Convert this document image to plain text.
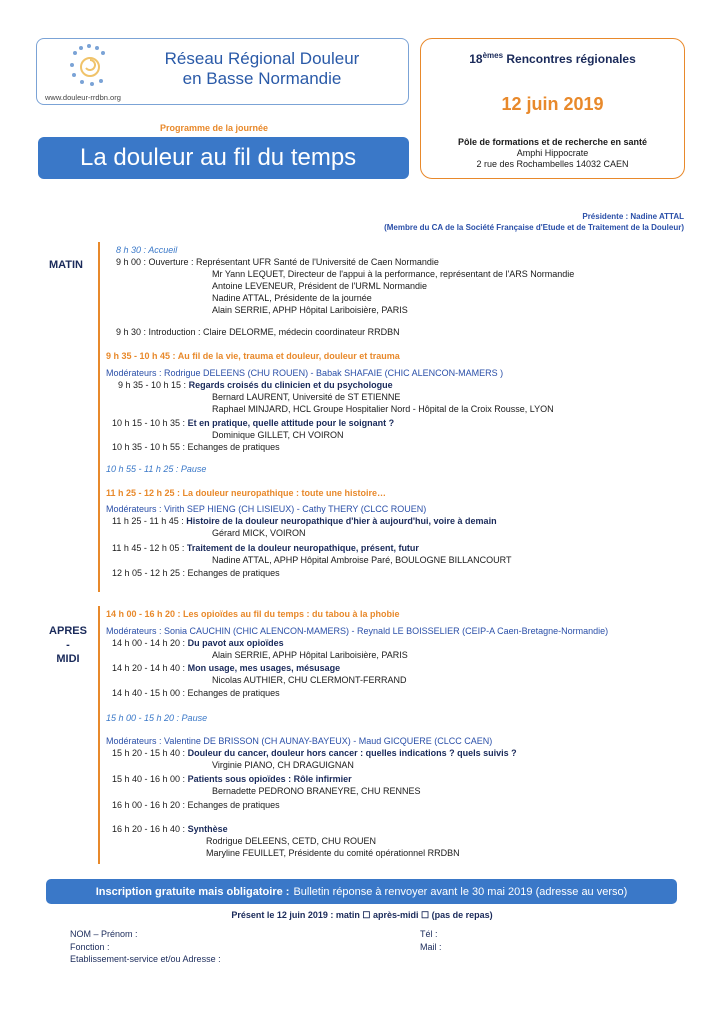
Réseau Régional Douleur
en Basse Normandie
www.douleur-rrdbn.org
18èmes Rencontres régionales
12 juin 2019
Pôle de formations et de recherche en santé
Amphi Hippocrate
2 rue des Rochambelles 14032 CAEN
Programme de la journée
La douleur au fil du temps
Présidente : Nadine ATTAL
(Membre du CA de la Société Française d'Etude et de Traitement de la Douleur)
MATIN
APRES
-
MIDI
8 h 30 : Accueil
9 h 00 : Ouverture : Représentant UFR Santé de l'Université de Caen Normandie
Mr Yann LEQUET, Directeur de l'appui à la performance, représentant de l'ARS Normandie
Antoine LEVENEUR, Président de l'URML Normandie
Nadine ATTAL, Présidente de la journée
Alain SERRIE, APHP Hôpital Lariboisière, PARIS
9 h 30 : Introduction : Claire DELORME, médecin coordinateur RRDBN
9 h 35 - 10 h 45 : Au fil de la vie, trauma et douleur, douleur et trauma
Modérateurs : Rodrigue DELEENS (CHU ROUEN) - Babak SHAFAIE (CHIC ALENCON-MAMERS )
9 h 35 - 10 h 15 : Regards croisés du clinicien et du psychologue
Bernard LAURENT, Université de ST ETIENNE
Raphael MINJARD, HCL Groupe Hospitalier Nord - Hôpital de la Croix Rousse, LYON
10 h 15 - 10 h 35 : Et en pratique, quelle attitude pour le soignant ?
Dominique GILLET, CH VOIRON
10 h 35 - 10 h 55 : Echanges de pratiques
10 h 55 - 11 h 25 : Pause
11 h 25 - 12 h 25 : La douleur neuropathique : toute une histoire…
Modérateurs : Virith SEP HIENG (CH LISIEUX) - Cathy THERY (CLCC ROUEN)
11 h 25 - 11 h 45 : Histoire de la douleur neuropathique d'hier à aujourd'hui, voire à demain
Gérard MICK, VOIRON
11 h 45 - 12 h 05 : Traitement de la douleur neuropathique, présent, futur
Nadine ATTAL, APHP Hôpital Ambroise Paré, BOULOGNE BILLANCOURT
12 h 05 - 12 h 25 : Echanges de pratiques
14 h 00 - 16 h 20 : Les opioïdes au fil du temps : du tabou à la phobie
Modérateurs : Sonia CAUCHIN (CHIC ALENCON-MAMERS) - Reynald LE BOISSELIER (CEIP-A Caen-Bretagne-Normandie)
14 h 00 - 14 h 20 : Du pavot aux opioïdes
Alain SERRIE, APHP Hôpital Lariboisière, PARIS
14 h 20 - 14 h 40 : Mon usage, mes usages, mésusage
Nicolas AUTHIER, CHU CLERMONT-FERRAND
14 h 40 - 15 h 00 : Echanges de pratiques
15 h 00 - 15 h 20 : Pause
Modérateurs : Valentine DE BRISSON (CH AUNAY-BAYEUX) - Maud GICQUERE (CLCC CAEN)
15 h 20 - 15 h 40 : Douleur du cancer, douleur hors cancer : quelles indications ? quels suivis ?
Virginie PIANO, CH DRAGUIGNAN
15 h 40 - 16 h 00 : Patients sous opioïdes : Rôle infirmier
Bernadette PEDRONO BRANEYRE, CHU RENNES
16 h 00 - 16 h 20 : Echanges de pratiques
16 h 20 - 16 h 40 : Synthèse
Rodrigue DELEENS, CETD, CHU ROUEN
Maryline FEUILLET, Présidente du comité opérationnel RRDBN
Inscription gratuite mais obligatoire : Bulletin réponse à renvoyer avant le 30 mai 2019 (adresse au verso)
Présent le 12 juin 2019 : matin ☐ après-midi ☐ (pas de repas)
NOM – Prénom :	Tél :
Fonction :	Mail :
Etablissement-service et/ou Adresse :
